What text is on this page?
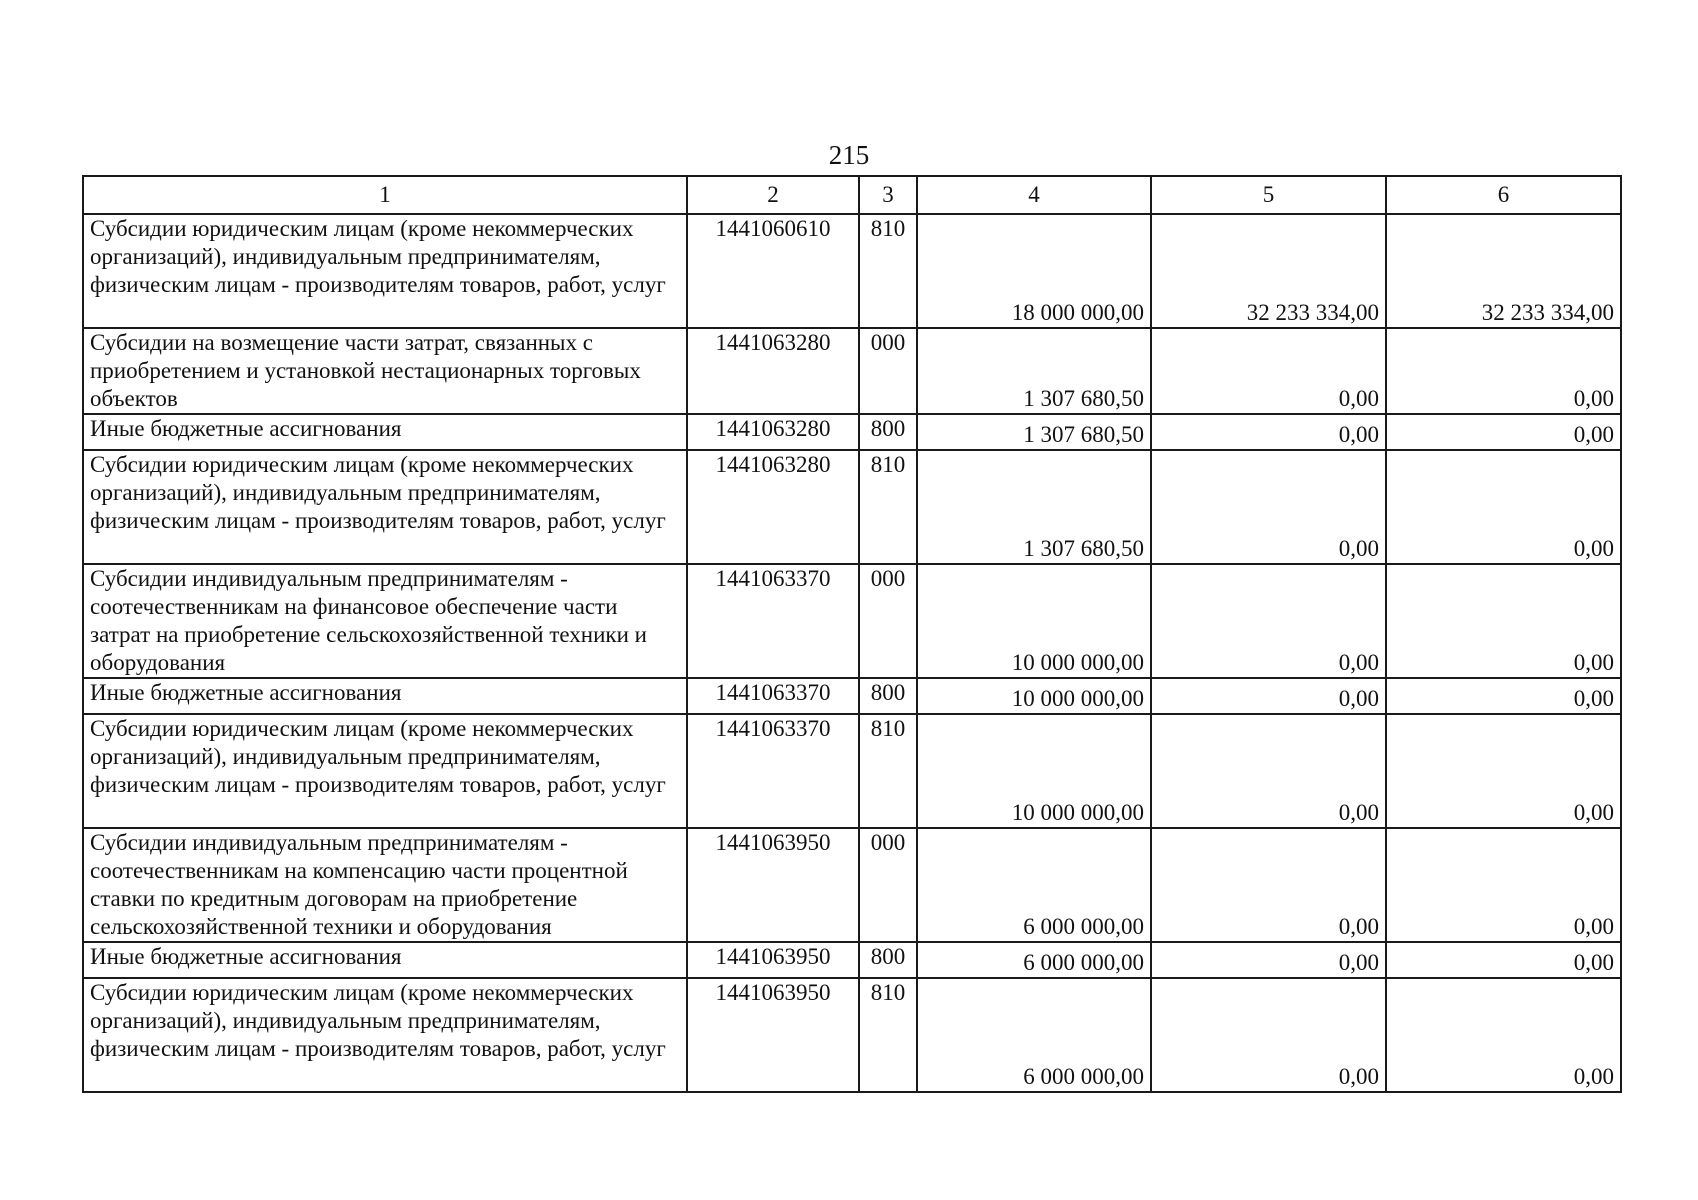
215
1	2	3	4	5	6
Субсидии юридическим лицам (кроме некоммерческих организаций), индивидуальным предпринимателям, физическим лицам - производителям товаров, работ, услуг	1441060610	810	18 000 000,00	32 233 334,00	32 233 334,00
Субсидии на возмещение части затрат, связанных с приобретением и установкой нестационарных торговых объектов	1441063280	000	1 307 680,50	0,00	0,00
Иные бюджетные ассигнования	1441063280	800	1 307 680,50	0,00	0,00
Субсидии юридическим лицам (кроме некоммерческих организаций), индивидуальным предпринимателям, физическим лицам - производителям товаров, работ, услуг	1441063280	810	1 307 680,50	0,00	0,00
Субсидии индивидуальным предпринимателям - соотечественникам на финансовое обеспечение части затрат на приобретение сельскохозяйственной техники и оборудования	1441063370	000	10 000 000,00	0,00	0,00
Иные бюджетные ассигнования	1441063370	800	10 000 000,00	0,00	0,00
Субсидии юридическим лицам (кроме некоммерческих организаций), индивидуальным предпринимателям, физическим лицам - производителям товаров, работ, услуг	1441063370	810	10 000 000,00	0,00	0,00
Субсидии индивидуальным предпринимателям - соотечественникам на компенсацию части процентной ставки по кредитным договорам на приобретение сельскохозяйственной техники и оборудования	1441063950	000	6 000 000,00	0,00	0,00
Иные бюджетные ассигнования	1441063950	800	6 000 000,00	0,00	0,00
Субсидии юридическим лицам (кроме некоммерческих организаций), индивидуальным предпринимателям, физическим лицам - производителям товаров, работ, услуг	1441063950	810	6 000 000,00	0,00	0,00
